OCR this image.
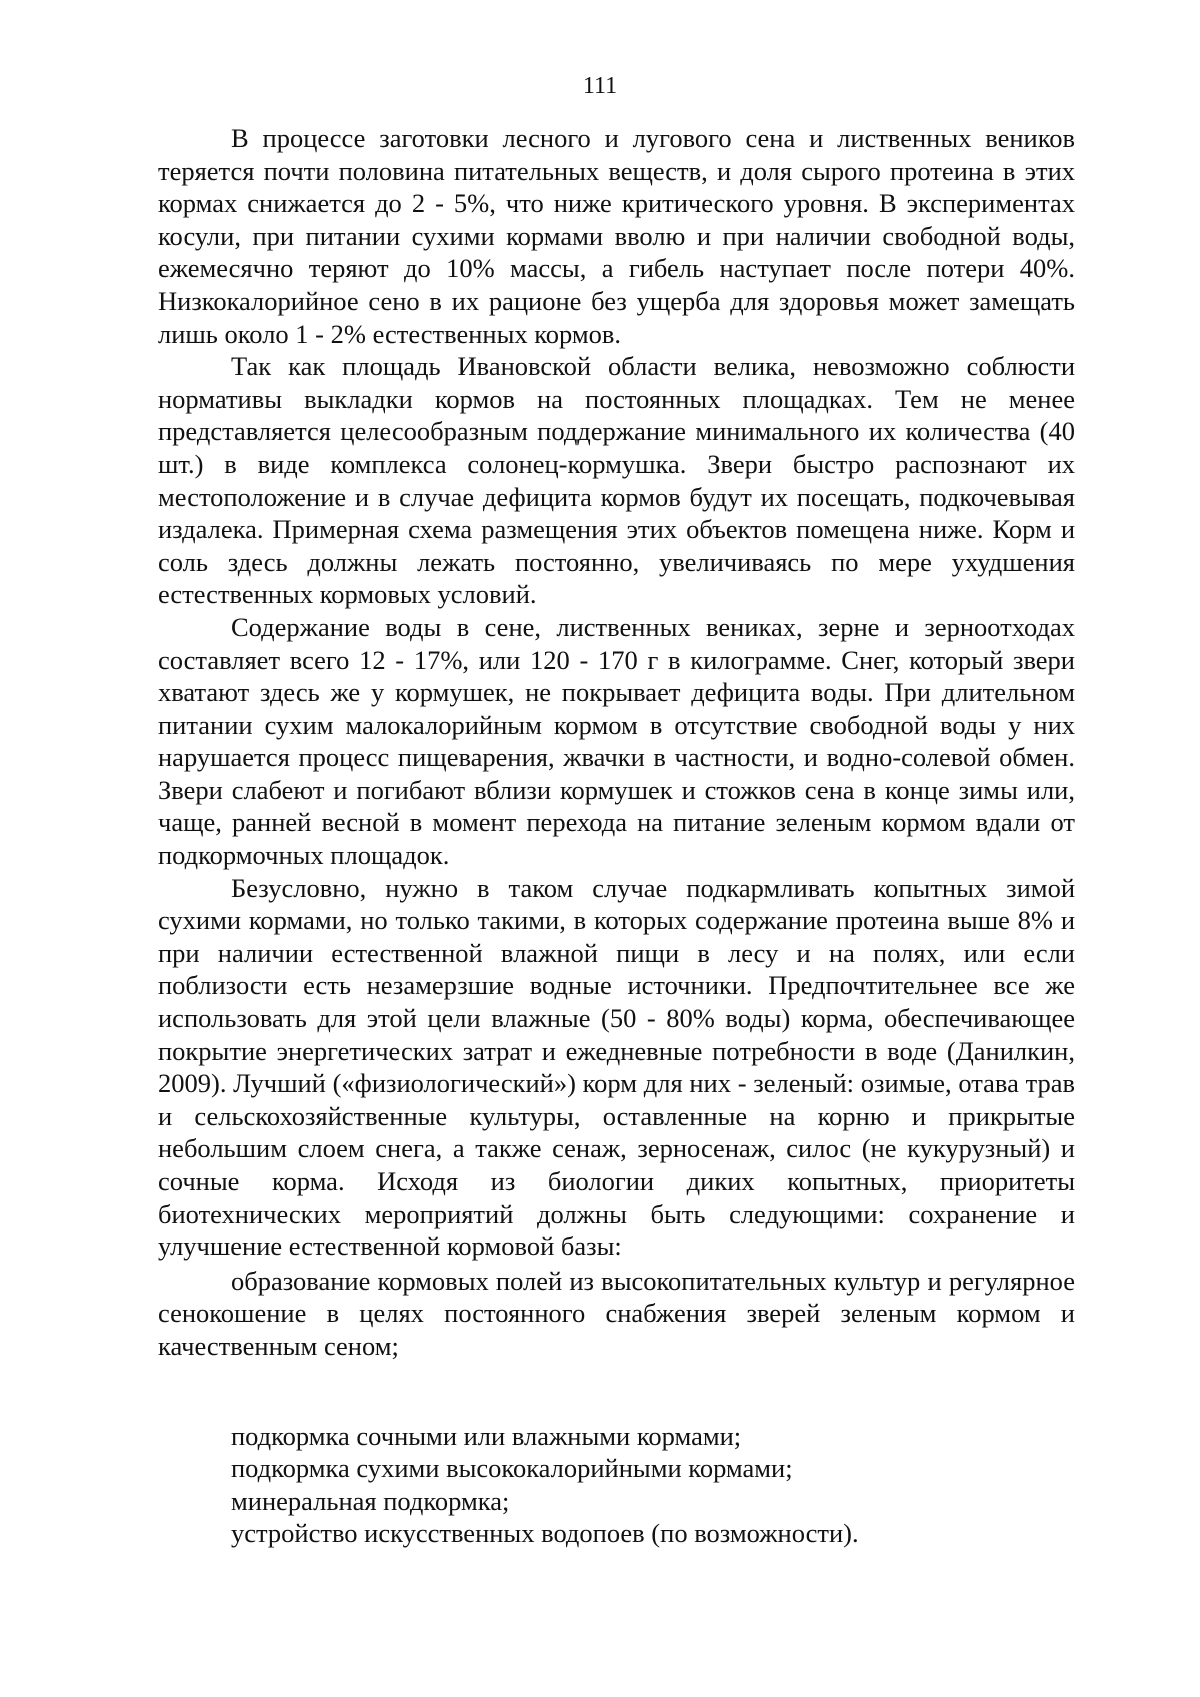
111

В процессе заготовки лесного и лугового сена и лиственных веников теряется почти половина питательных веществ, и доля сырого протеина в этих кормах снижается до 2 - 5%, что ниже критического уровня. В экспериментах косули, при питании сухими кормами вволю и при наличии свободной воды, ежемесячно теряют до 10% массы, а гибель наступает после потери 40%. Низкокалорийное сено в их рационе без ущерба для здоровья может замещать лишь около 1 - 2% естественных кормов.

Так как площадь Ивановской области велика, невозможно соблюсти нормативы выкладки кормов на постоянных площадках. Тем не менее представляется целесообразным поддержание минимального их количества (40 шт.) в виде комплекса солонец-кормушка. Звери быстро распознают их местоположение и в случае дефицита кормов будут их посещать, подкочевывая издалека. Примерная схема размещения этих объектов помещена ниже. Корм и соль здесь должны лежать постоянно, увеличиваясь по мере ухудшения естественных кормовых условий.

Содержание воды в сене, лиственных вениках, зерне и зерноотходах составляет всего 12 - 17%, или 120 - 170 г в килограмме. Снег, который звери хватают здесь же у кормушек, не покрывает дефицита воды. При длительном питании сухим малокалорийным кормом в отсутствие свободной воды у них нарушается процесс пищеварения, жвачки в частности, и водно-солевой обмен. Звери слабеют и погибают вблизи кормушек и стожков сена в конце зимы или, чаще, ранней весной в момент перехода на питание зеленым кормом вдали от подкормочных площадок.

Безусловно, нужно в таком случае подкармливать копытных зимой сухими кормами, но только такими, в которых содержание протеина выше 8% и при наличии естественной влажной пищи в лесу и на полях, или если поблизости есть незамерзшие водные источники. Предпочтительнее все же использовать для этой цели влажные (50 - 80% воды) корма, обеспечивающее покрытие энергетических затрат и ежедневные потребности в воде (Данилкин, 2009). Лучший («физиологический») корм для них - зеленый: озимые, отава трав и сельскохозяйственные культуры, оставленные на корню и прикрытые небольшим слоем снега, а также сенаж, зерносенаж, силос (не кукурузный) и сочные корма. Исходя из биологии диких копытных, приоритеты биотехнических мероприятий должны быть следующими: сохранение и улучшение естественной кормовой базы:

образование кормовых полей из высокопитательных культур и регулярное сенокошение в целях постоянного снабжения зверей зеленым кормом и качественным сеном;

подкормка сочными или влажными кормами;
подкормка сухими высококалорийными кормами;
минеральная подкормка;
устройство искусственных водопоев (по возможности).
